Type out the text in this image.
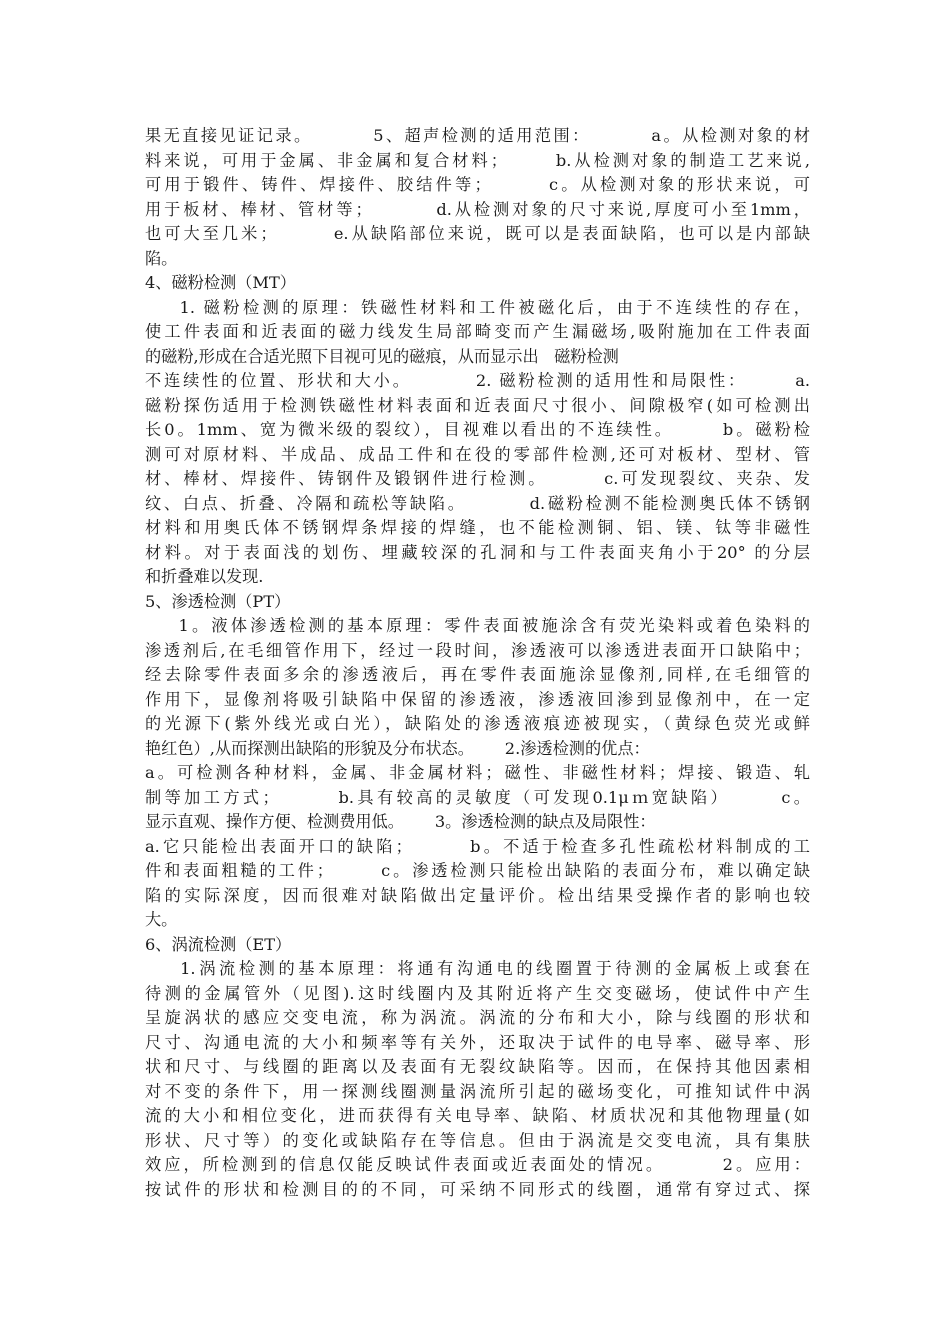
果无直接见证记录。        5、超声检测的适用范围：        a。从检测对象的材
料来说，可用于金属、非金属和复合材料；      b.从检测对象的制造工艺来说,
可用于锻件、铸件、焊接件、胶结件等；       c。从检测对象的形状来说，可
用于板材、棒材、管材等；        d.从检测对象的尺寸来说,厚度可小至1mm，
也可大至几米；       e.从缺陷部位来说，既可以是表面缺陷，也可以是内部缺
陷。
4、磁粉检测（MT）
1. 磁粉检测的原理：铁磁性材料和工件被磁化后，由于不连续性的存在，
使工件表面和近表面的磁力线发生局部畸变而产生漏磁场,吸附施加在工件表面
的磁粉,形成在合适光照下目视可见的磁痕，从而显示出   磁粉检测
不连续性的位置、形状和大小。        2. 磁粉检测的适用性和局限性：      a.
磁粉探伤适用于检测铁磁性材料表面和近表面尺寸很小、间隙极窄(如可检测出
长0。1mm、宽为微米级的裂纹），目视难以看出的不连续性。      b。磁粉检
测可对原材料、半成品、成品工件和在役的零部件检测,还可对板材、型材、管
材、棒材、焊接件、铸钢件及锻钢件进行检测。       c.可发现裂纹、夹杂、发
纹、白点、折叠、冷隔和疏松等缺陷。        d.磁粉检测不能检测奥氏体不锈钢
材料和用奥氏体不锈钢焊条焊接的焊缝，也不能检测铜、铝、镁、钛等非磁性
材料。对于表面浅的划伤、埋藏较深的孔洞和与工件表面夹角小于20° 的分层
和折叠难以发现.
5、渗透检测（PT）
1。液体渗透检测的基本原理：零件表面被施涂含有荧光染料或着色染料的
渗透剂后,在毛细管作用下，经过一段时间，渗透液可以渗透进表面开口缺陷中；
经去除零件表面多余的渗透液后，再在零件表面施涂显像剂,同样,在毛细管的
作用下，显像剂将吸引缺陷中保留的渗透液，渗透液回渗到显像剂中，在一定
的光源下(紫外线光或白光），缺陷处的渗透液痕迹被现实，（黄绿色荧光或鲜
艳红色）,从而探测出缺陷的形貌及分布状态。      2.渗透检测的优点：
a。可检测各种材料，金属、非金属材料；磁性、非磁性材料；焊接、锻造、轧
制等加工方式；       b.具有较高的灵敏度（可发现0.1μｍ宽缺陷）      c。
显示直观、操作方便、检测费用低。      3。渗透检测的缺点及局限性：
a.它只能检出表面开口的缺陷；       b。不适于检查多孔性疏松材料制成的工
件和表面粗糙的工件；      c。渗透检测只能检出缺陷的表面分布，难以确定缺
陷的实际深度，因而很难对缺陷做出定量评价。检出结果受操作者的影响也较
大。
6、涡流检测（ET）
1.涡流检测的基本原理：将通有沟通电的线圈置于待测的金属板上或套在
待测的金属管外（见图).这时线圈内及其附近将产生交变磁场，使试件中产生
呈旋涡状的感应交变电流，称为涡流。涡流的分布和大小，除与线圈的形状和
尺寸、沟通电流的大小和频率等有关外，还取决于试件的电导率、磁导率、形
状和尺寸、与线圈的距离以及表面有无裂纹缺陷等。因而，在保持其他因素相
对不变的条件下，用一探测线圈测量涡流所引起的磁场变化，可推知试件中涡
流的大小和相位变化，进而获得有关电导率、缺陷、材质状况和其他物理量(如
形状、尺寸等）的变化或缺陷存在等信息。但由于涡流是交变电流，具有集肤
效应，所检测到的信息仅能反映试件表面或近表面处的情况。       2。应用：
按试件的形状和检测目的的不同，可采纳不同形式的线圈，通常有穿过式、探
